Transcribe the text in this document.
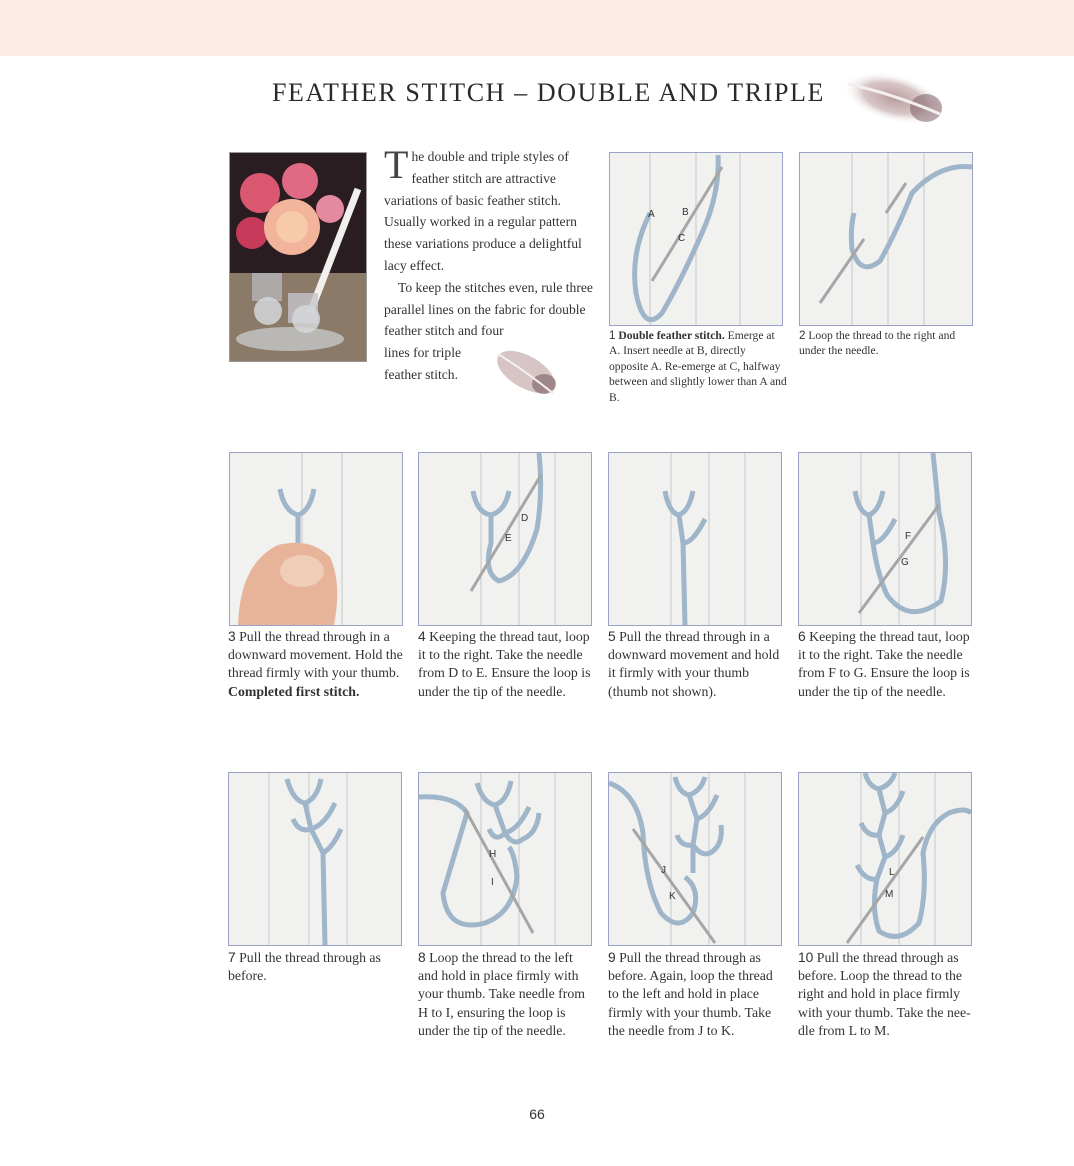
FEATHER STITCH – DOUBLE AND TRIPLE

The double and triple styles of feather stitch are attractive variations of basic feather stitch. Usually worked in a regular pattern these variations produce a delightful lacy effect.

To keep the stitches even, rule three parallel lines on the fabric for double feather stitch and four

lines for triple feather stitch.

A	B
C
1 Double feather stitch. Emerge at A. Insert needle at B, directly opposite A. Re-emerge at C, halfway between and slightly lower than A and B.
2 Loop the thread to the right and under the needle.
3 Pull the thread through in a downward movement. Hold the thread firmly with your thumb. Completed first stitch.
D
E
4 Keeping the thread taut, loop it to the right. Take the needle from D to E. Ensure the loop is under the tip of the needle.
5 Pull the thread through in a downward movement and hold it firmly with your thumb (thumb not shown).
F
G
6 Keeping the thread taut, loop it to the right. Take the needle from F to G. Ensure the loop is under the tip of the needle.
7 Pull the thread through as before.
H
I
8 Loop the thread to the left and hold in place firmly with your thumb. Take needle from H to I, ensuring the loop is under the tip of the needle.
J
K
9 Pull the thread through as before. Again, loop the thread to the left and hold in place firmly with your thumb. Take the needle from J to K.
L
M
10 Pull the thread through as before. Loop the thread to the right and hold in place firmly with your thumb. Take the nee-dle from L to M.
66
